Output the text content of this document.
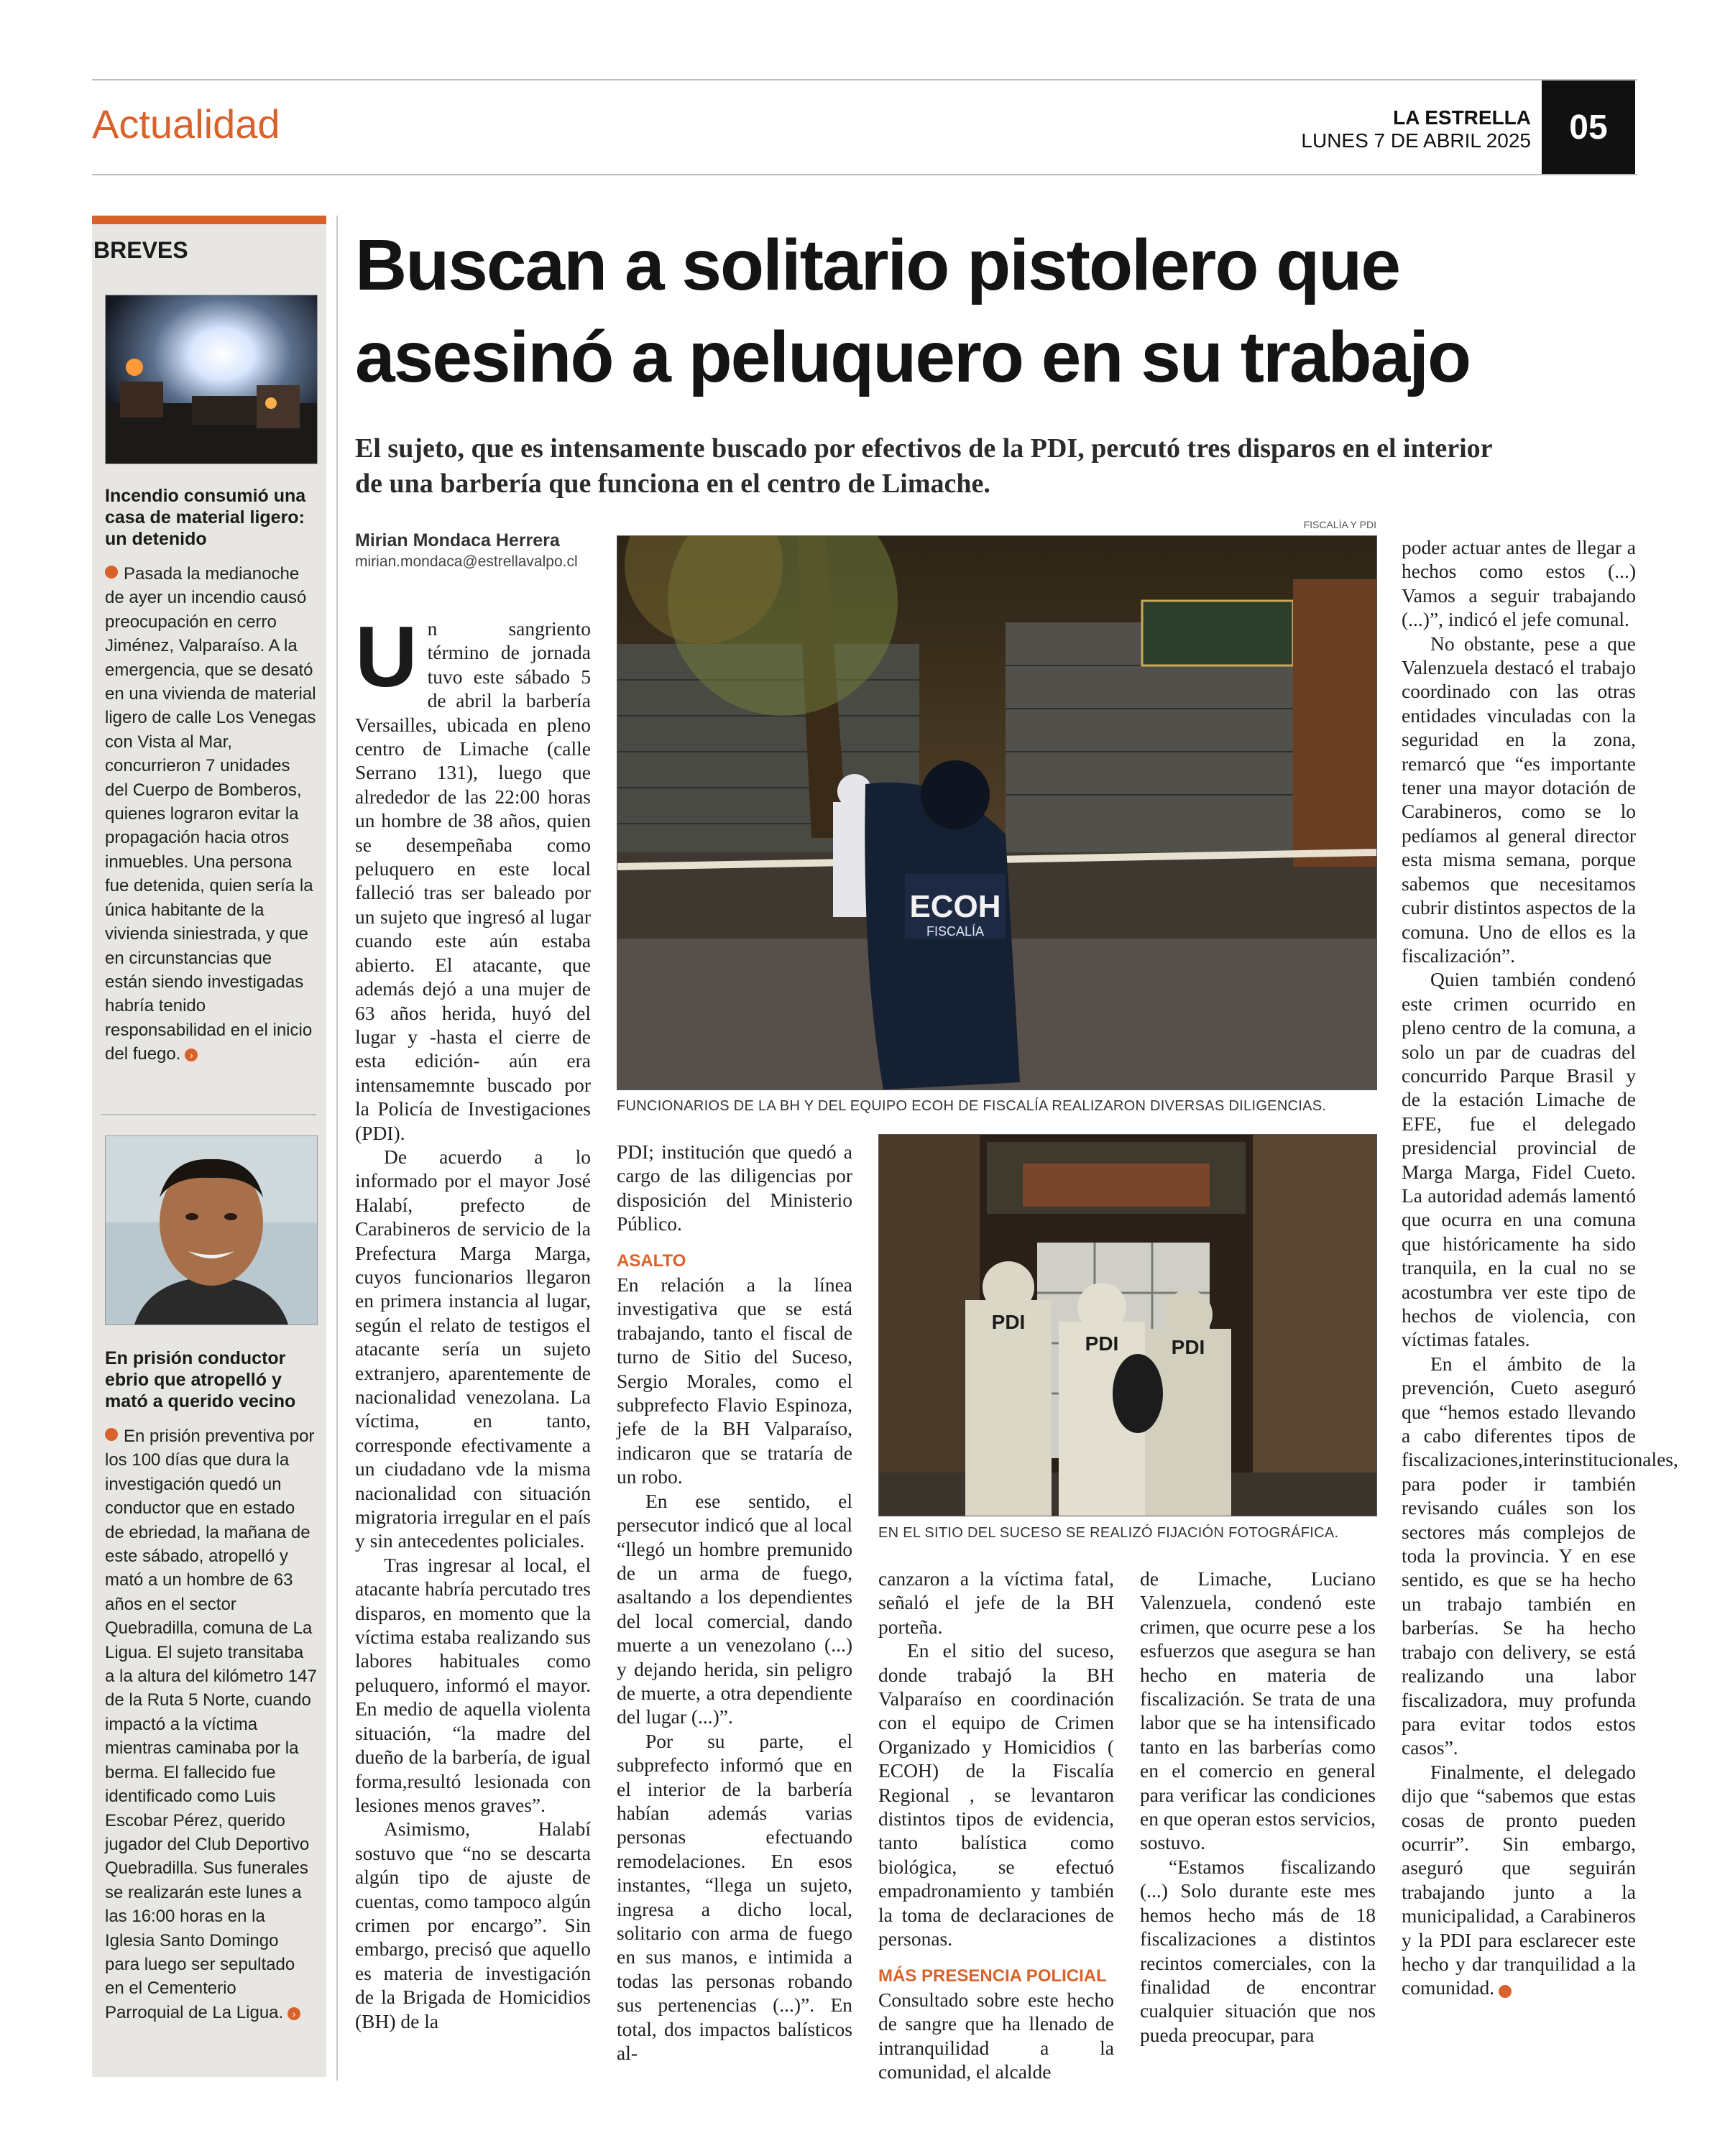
Actualidad	LA ESTRELLA
LUNES 7 DE ABRIL 2025	05
BREVES
Incendio consumió una casa de material ligero: un detenido
Pasada la medianoche de ayer un incendio causó preocupación en cerro Jiménez, Valparaíso. A la emergencia, que se desató en una vivienda de material ligero de calle Los Venegas con Vista al Mar, concurrieron 7 unidades del Cuerpo de Bomberos, quienes lograron evitar la propagación hacia otros inmuebles. Una persona fue detenida, quien sería la única habitante de la vivienda siniestrada, y que en circunstancias que están siendo investigadas habría tenido responsabilidad en el inicio del fuego. ›
En prisión conductor ebrio que atropelló y mató a querido vecino
En prisión preventiva por los 100 días que dura la investigación quedó un conductor que en estado de ebriedad, la mañana de este sábado, atropelló y mató a un hombre de 63 años en el sector Quebradilla, comuna de La Ligua. El sujeto transitaba a la altura del kilómetro 147 de la Ruta 5 Norte, cuando impactó a la víctima mientras caminaba por la berma. El fallecido fue identificado como Luis Escobar Pérez, querido jugador del Club Deportivo Quebradilla. Sus funerales se realizarán este lunes a las 16:00 horas en la Iglesia Santo Domingo para luego ser sepultado en el Cementerio Parroquial de La Ligua. ›
Buscan a solitario pistolero que asesinó a peluquero en su trabajo
El sujeto, que es intensamente buscado por efectivos de la PDI, percutó tres disparos en el interior de una barbería que funciona en el centro de Limache.
Mirian Mondaca Herrera
mirian.mondaca@estrellavalpo.cl
FISCALÍA Y PDI
ECOH
FISCALÍA
FUNCIONARIOS DE LA BH Y DEL EQUIPO ECOH DE FISCALÍA REALIZARON DIVERSAS DILIGENCIAS.
PDI
PDI	PDI
EN EL SITIO DEL SUCESO SE REALIZÓ FIJACIÓN FOTOGRÁFICA.
U n sangriento término de jornada tuvo este sábado 5 de abril la barbería Versailles, ubicada en pleno centro de Limache (calle Serrano 131), luego que alrededor de las 22:00 horas un hombre de 38 años, quien se desempeñaba como peluquero en este local falleció tras ser baleado por un sujeto que ingresó al lugar cuando este aún estaba abierto. El atacante, que además dejó a una mujer de 63 años herida, huyó del lugar y -hasta el cierre de esta edición- aún era intensamemnte buscado por la Policía de Investigaciones (PDI).

De acuerdo a lo informado por el mayor José Halabí, prefecto de Carabineros de servicio de la Prefectura Marga Marga, cuyos funcionarios llegaron en primera instancia al lugar, según el relato de testigos el atacante sería un sujeto extranjero, aparentemente de nacionalidad venezolana. La víctima, en tanto, corresponde efectivamente a un ciudadano vde la misma nacionalidad con situación migratoria irregular en el país y sin antecedentes policiales.

Tras ingresar al local, el atacante habría percutado tres disparos, en momento que la víctima estaba realizando sus labores habituales como peluquero, informó el mayor. En medio de aquella violenta situación, “la madre del dueño de la barbería, de igual forma,resultó lesionada con lesiones menos graves”.

Asimismo, Halabí sostuvo que “no se descarta algún tipo de ajuste de cuentas, como tampoco algún crimen por encargo”. Sin embargo, precisó que aquello es materia de investigación de la Brigada de Homicidios (BH) de la

PDI; institución que quedó a cargo de las diligencias por disposición del Ministerio Público.

ASALTO

En relación a la línea investigativa que se está trabajando, tanto el fiscal de turno de Sitio del Suceso, Sergio Morales, como el subprefecto Flavio Espinoza, jefe de la BH Valparaíso, indicaron que se trataría de un robo.

En ese sentido, el persecutor indicó que al local “llegó un hombre premunido de un arma de fuego, asaltando a los dependientes del local comercial, dando muerte a un venezolano (...) y dejando herida, sin peligro de muerte, a otra dependiente del lugar (...)”.

Por su parte, el subprefecto informó que en el interior de la barbería habían además varias personas efectuando remodelaciones. En esos instantes, “llega un sujeto, ingresa a dicho local, solitario con arma de fuego en sus manos, e intimida a todas las personas robando sus pertenencias (...)”. En total, dos impactos balísticos al-

canzaron a la víctima fatal, señaló el jefe de la BH porteña.

En el sitio del suceso, donde trabajó la BH Valparaíso en coordinación con el equipo de Crimen Organizado y Homicidios ( ECOH) de la Fiscalía Regional , se levantaron distintos tipos de evidencia, tanto balística como biológica, se efectuó empadronamiento y también la toma de declaraciones de personas.

MÁS PRESENCIA POLICIAL

Consultado sobre este hecho de sangre que ha llenado de intranquilidad a la comunidad, el alcalde

de Limache, Luciano Valenzuela, condenó este crimen, que ocurre pese a los esfuerzos que asegura se han hecho en materia de fiscalización. Se trata de una labor que se ha intensificado tanto en las barberías como en el comercio en general para verificar las condiciones en que operan estos servicios, sostuvo.

“Estamos fiscalizando (...) Solo durante este mes hemos hecho más de 18 fiscalizaciones a distintos recintos comerciales, con la finalidad de encontrar cualquier situación que nos pueda preocupar, para

poder actuar antes de llegar a hechos como estos (...) Vamos a seguir trabajando (...)”, indicó el jefe comunal.

No obstante, pese a que Valenzuela destacó el trabajo coordinado con las otras entidades vinculadas con la seguridad en la zona, remarcó que “es importante tener una mayor dotación de Carabineros, como se lo pedíamos al general director esta misma semana, porque sabemos que necesitamos cubrir distintos aspectos de la comuna. Uno de ellos es la fiscalización”.

Quien también condenó este crimen ocurrido en pleno centro de la comuna, a solo un par de cuadras del concurrido Parque Brasil y de la estación Limache de EFE, fue el delegado presidencial provincial de Marga Marga, Fidel Cueto. La autoridad además lamentó que ocurra en una comuna que históricamente ha sido tranquila, en la cual no se acostumbra ver este tipo de hechos de violencia, con víctimas fatales.

En el ámbito de la prevención, Cueto aseguró que “hemos estado llevando a cabo diferentes tipos de fiscalizaciones,interinstitucionales, para poder ir también revisando cuáles son los sectores más complejos de toda la provincia. Y en ese sentido, es que se ha hecho un trabajo también en barberías. Se ha hecho trabajo con delivery, se está realizando una labor fiscalizadora, muy profunda para evitar todos estos casos”.

Finalmente, el delegado dijo que “sabemos que estas cosas de pronto pueden ocurrir”. Sin embargo, aseguró que seguirán trabajando junto a la municipalidad, a Carabineros y la PDI para esclarecer este hecho y dar tranquilidad a la comunidad.	›
